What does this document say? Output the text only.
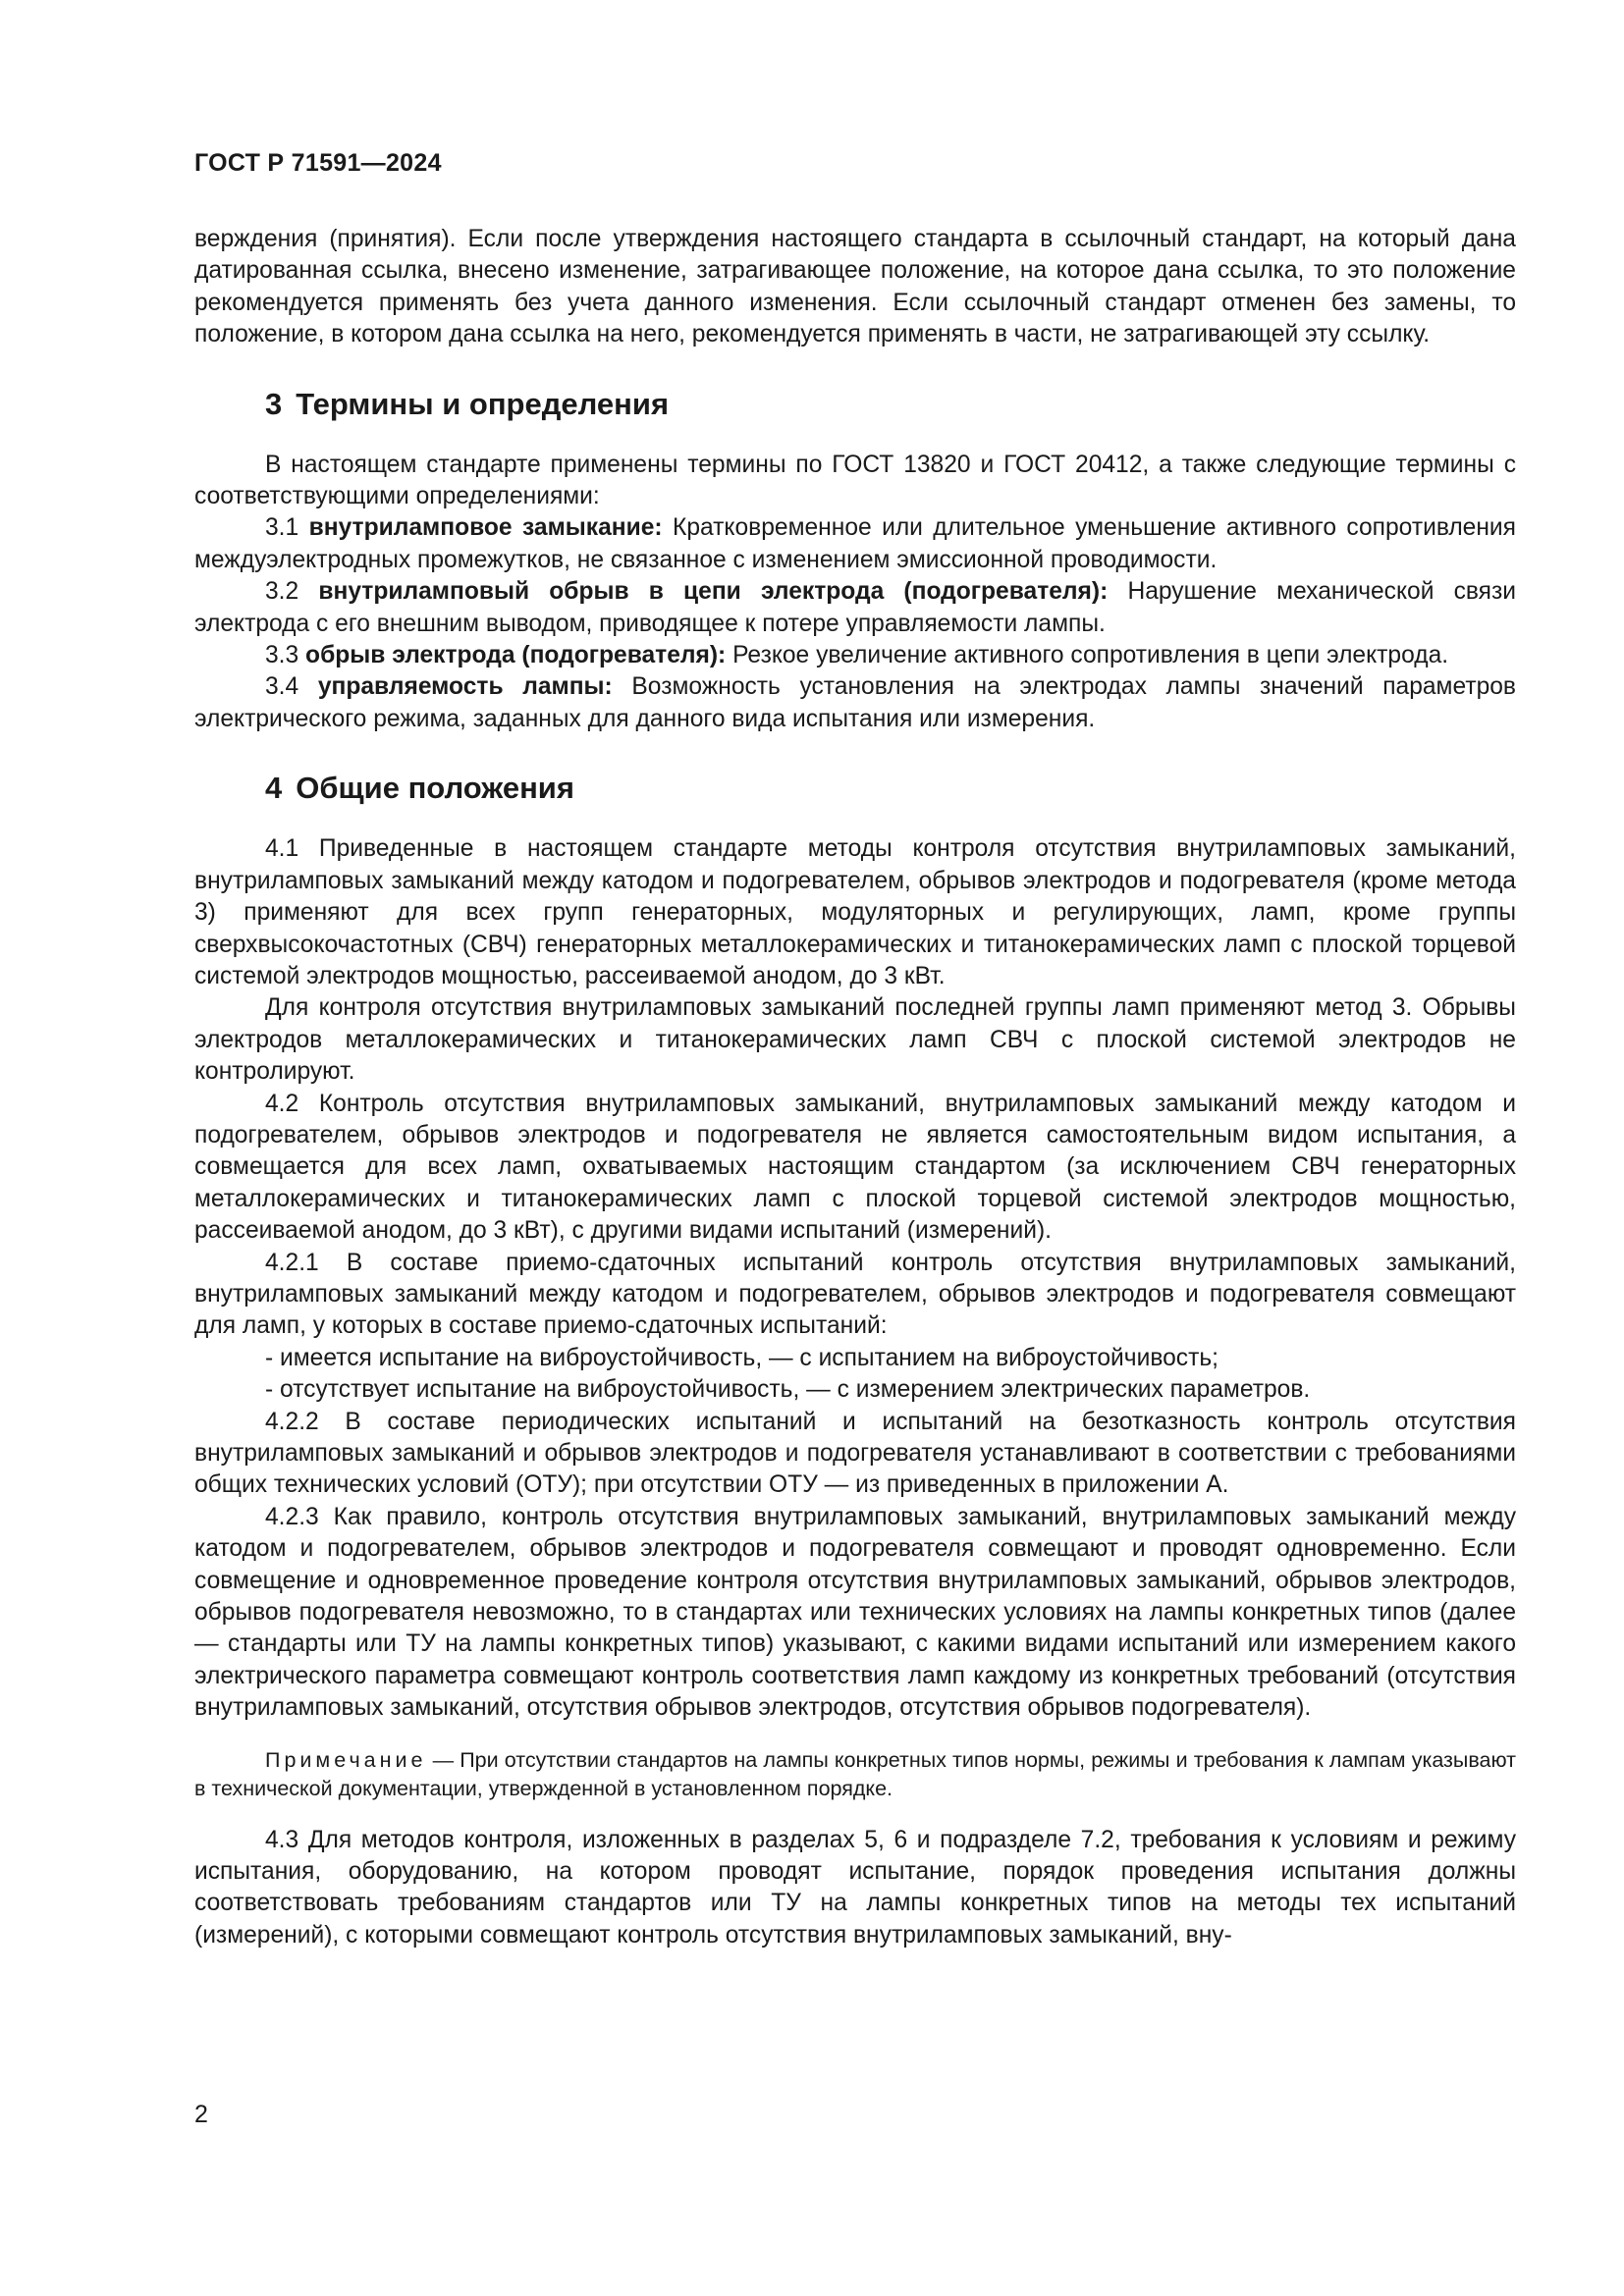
ГОСТ Р 71591—2024

верждения (принятия). Если после утверждения настоящего стандарта в ссылочный стандарт, на который дана датированная ссылка, внесено изменение, затрагивающее положение, на которое дана ссылка, то это положение рекомендуется применять без учета данного изменения. Если ссылочный стандарт отменен без замены, то положение, в котором дана ссылка на него, рекомендуется применять в части, не затрагивающей эту ссылку.

3 Термины и определения

В настоящем стандарте применены термины по ГОСТ 13820 и ГОСТ 20412, а также следующие термины с соответствующими определениями:

3.1 внутриламповое замыкание: Кратковременное или длительное уменьшение активного сопротивления междуэлектродных промежутков, не связанное с изменением эмиссионной проводимости.

3.2 внутриламповый обрыв в цепи электрода (подогревателя): Нарушение механической связи электрода с его внешним выводом, приводящее к потере управляемости лампы.

3.3 обрыв электрода (подогревателя): Резкое увеличение активного сопротивления в цепи электрода.

3.4 управляемость лампы: Возможность установления на электродах лампы значений параметров электрического режима, заданных для данного вида испытания или измерения.

4 Общие положения

4.1 Приведенные в настоящем стандарте методы контроля отсутствия внутриламповых замыканий, внутриламповых замыканий между катодом и подогревателем, обрывов электродов и подогревателя (кроме метода 3) применяют для всех групп генераторных, модуляторных и регулирующих, ламп, кроме группы сверхвысокочастотных (СВЧ) генераторных металлокерамических и титанокерамических ламп с плоской торцевой системой электродов мощностью, рассеиваемой анодом, до 3 кВт.

Для контроля отсутствия внутриламповых замыканий последней группы ламп применяют метод 3. Обрывы электродов металлокерамических и титанокерамических ламп СВЧ с плоской системой электродов не контролируют.

4.2 Контроль отсутствия внутриламповых замыканий, внутриламповых замыканий между катодом и подогревателем, обрывов электродов и подогревателя не является самостоятельным видом испытания, а совмещается для всех ламп, охватываемых настоящим стандартом (за исключением СВЧ генераторных металлокерамических и титанокерамических ламп с плоской торцевой системой электродов мощностью, рассеиваемой анодом, до 3 кВт), с другими видами испытаний (измерений).

4.2.1 В составе приемо-сдаточных испытаний контроль отсутствия внутриламповых замыканий, внутриламповых замыканий между катодом и подогревателем, обрывов электродов и подогревателя совмещают для ламп, у которых в составе приемо-сдаточных испытаний:

- имеется испытание на виброустойчивость, — с испытанием на виброустойчивость;

- отсутствует испытание на виброустойчивость, — с измерением электрических параметров.

4.2.2 В составе периодических испытаний и испытаний на безотказность контроль отсутствия внутриламповых замыканий и обрывов электродов и подогревателя устанавливают в соответствии с требованиями общих технических условий (ОТУ); при отсутствии ОТУ — из приведенных в приложении А.

4.2.3 Как правило, контроль отсутствия внутриламповых замыканий, внутриламповых замыканий между катодом и подогревателем, обрывов электродов и подогревателя совмещают и проводят одновременно. Если совмещение и одновременное проведение контроля отсутствия внутриламповых замыканий, обрывов электродов, обрывов подогревателя невозможно, то в стандартах или технических условиях на лампы конкретных типов (далее — стандарты или ТУ на лампы конкретных типов) указывают, с какими видами испытаний или измерением какого электрического параметра совмещают контроль соответствия ламп каждому из конкретных требований (отсутствия внутриламповых замыканий, отсутствия обрывов электродов, отсутствия обрывов подогревателя).

Примечание — При отсутствии стандартов на лампы конкретных типов нормы, режимы и требования к лампам указывают в технической документации, утвержденной в установленном порядке.

4.3 Для методов контроля, изложенных в разделах 5, 6 и подразделе 7.2, требования к условиям и режиму испытания, оборудованию, на котором проводят испытание, порядок проведения испытания должны соответствовать требованиям стандартов или ТУ на лампы конкретных типов на методы тех испытаний (измерений), с которыми совмещают контроль отсутствия внутриламповых замыканий, вну-

2
